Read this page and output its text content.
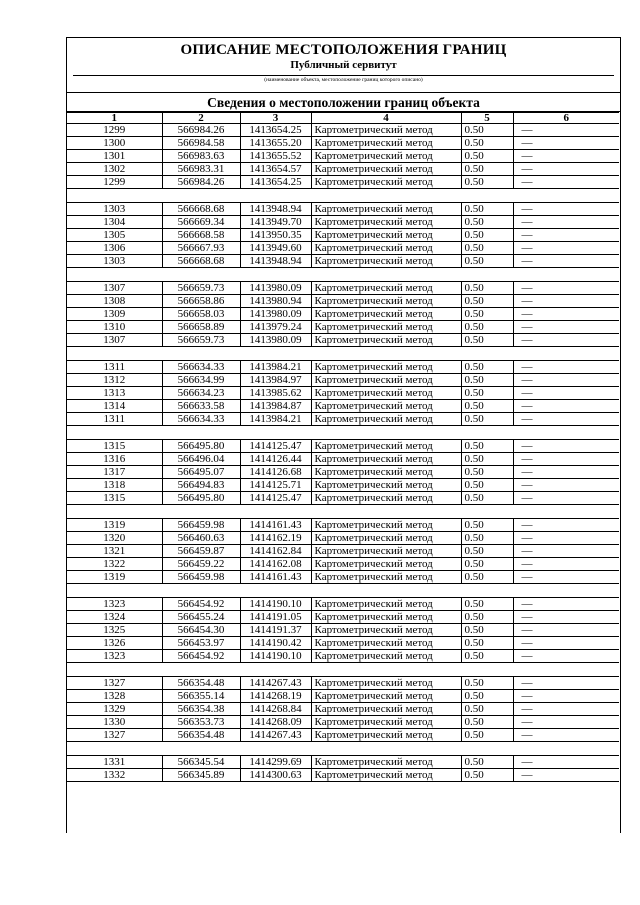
ОПИСАНИЕ МЕСТОПОЛОЖЕНИЯ ГРАНИЦ
Публичный сервитут
(наименование объекта, местоположение границ которого описано)
Сведения о местоположении границ объекта
1	2	3	4	5	6
1299	566984.26	1413654.25	Картометрический метод	0.50	—
1300	566984.58	1413655.20	Картометрический метод	0.50	—
1301	566983.63	1413655.52	Картометрический метод	0.50	—
1302	566983.31	1413654.57	Картометрический метод	0.50	—
1299	566984.26	1413654.25	Картометрический метод	0.50	—

1303	566668.68	1413948.94	Картометрический метод	0.50	—
1304	566669.34	1413949.70	Картометрический метод	0.50	—
1305	566668.58	1413950.35	Картометрический метод	0.50	—
1306	566667.93	1413949.60	Картометрический метод	0.50	—
1303	566668.68	1413948.94	Картометрический метод	0.50	—

1307	566659.73	1413980.09	Картометрический метод	0.50	—
1308	566658.86	1413980.94	Картометрический метод	0.50	—
1309	566658.03	1413980.09	Картометрический метод	0.50	—
1310	566658.89	1413979.24	Картометрический метод	0.50	—
1307	566659.73	1413980.09	Картометрический метод	0.50	—

1311	566634.33	1413984.21	Картометрический метод	0.50	—
1312	566634.99	1413984.97	Картометрический метод	0.50	—
1313	566634.23	1413985.62	Картометрический метод	0.50	—
1314	566633.58	1413984.87	Картометрический метод	0.50	—
1311	566634.33	1413984.21	Картометрический метод	0.50	—

1315	566495.80	1414125.47	Картометрический метод	0.50	—
1316	566496.04	1414126.44	Картометрический метод	0.50	—
1317	566495.07	1414126.68	Картометрический метод	0.50	—
1318	566494.83	1414125.71	Картометрический метод	0.50	—
1315	566495.80	1414125.47	Картометрический метод	0.50	—

1319	566459.98	1414161.43	Картометрический метод	0.50	—
1320	566460.63	1414162.19	Картометрический метод	0.50	—
1321	566459.87	1414162.84	Картометрический метод	0.50	—
1322	566459.22	1414162.08	Картометрический метод	0.50	—
1319	566459.98	1414161.43	Картометрический метод	0.50	—

1323	566454.92	1414190.10	Картометрический метод	0.50	—
1324	566455.24	1414191.05	Картометрический метод	0.50	—
1325	566454.30	1414191.37	Картометрический метод	0.50	—
1326	566453.97	1414190.42	Картометрический метод	0.50	—
1323	566454.92	1414190.10	Картометрический метод	0.50	—

1327	566354.48	1414267.43	Картометрический метод	0.50	—
1328	566355.14	1414268.19	Картометрический метод	0.50	—
1329	566354.38	1414268.84	Картометрический метод	0.50	—
1330	566353.73	1414268.09	Картометрический метод	0.50	—
1327	566354.48	1414267.43	Картометрический метод	0.50	—

1331	566345.54	1414299.69	Картометрический метод	0.50	—
1332	566345.89	1414300.63	Картометрический метод	0.50	—
